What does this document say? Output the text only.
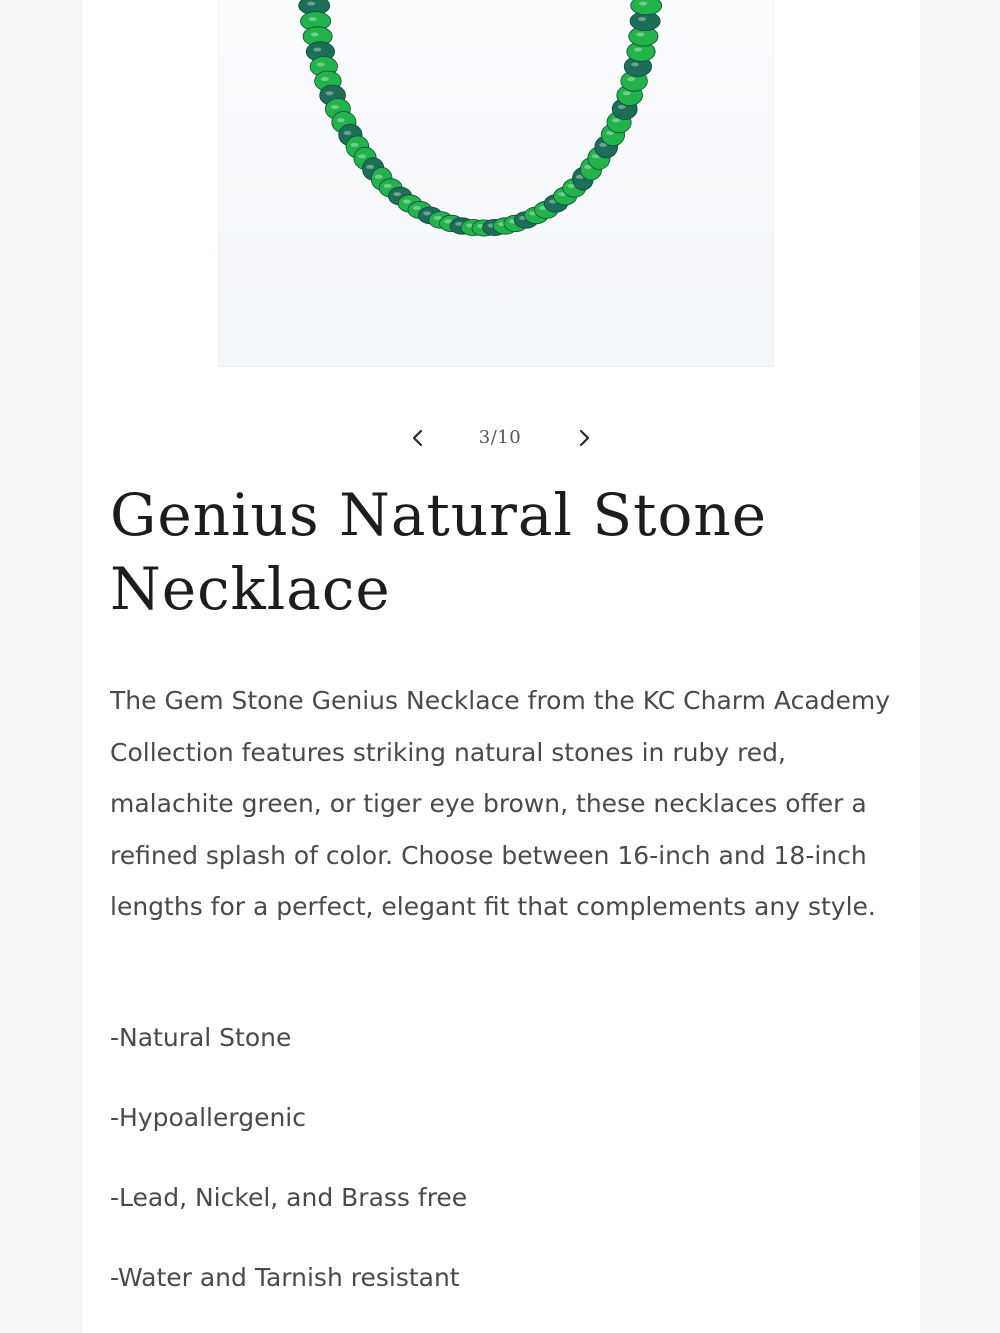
3/10
Genius Natural Stone Necklace

The Gem Stone Genius Necklace from the KC Charm Academy Collection features striking natural stones in ruby red, malachite green, or tiger eye brown, these necklaces offer a refined splash of color. Choose between 16-inch and 18-inch lengths for a perfect, elegant fit that complements any style.

-Natural Stone

-Hypoallergenic

-Lead, Nickel, and Brass free

-Water and Tarnish resistant
